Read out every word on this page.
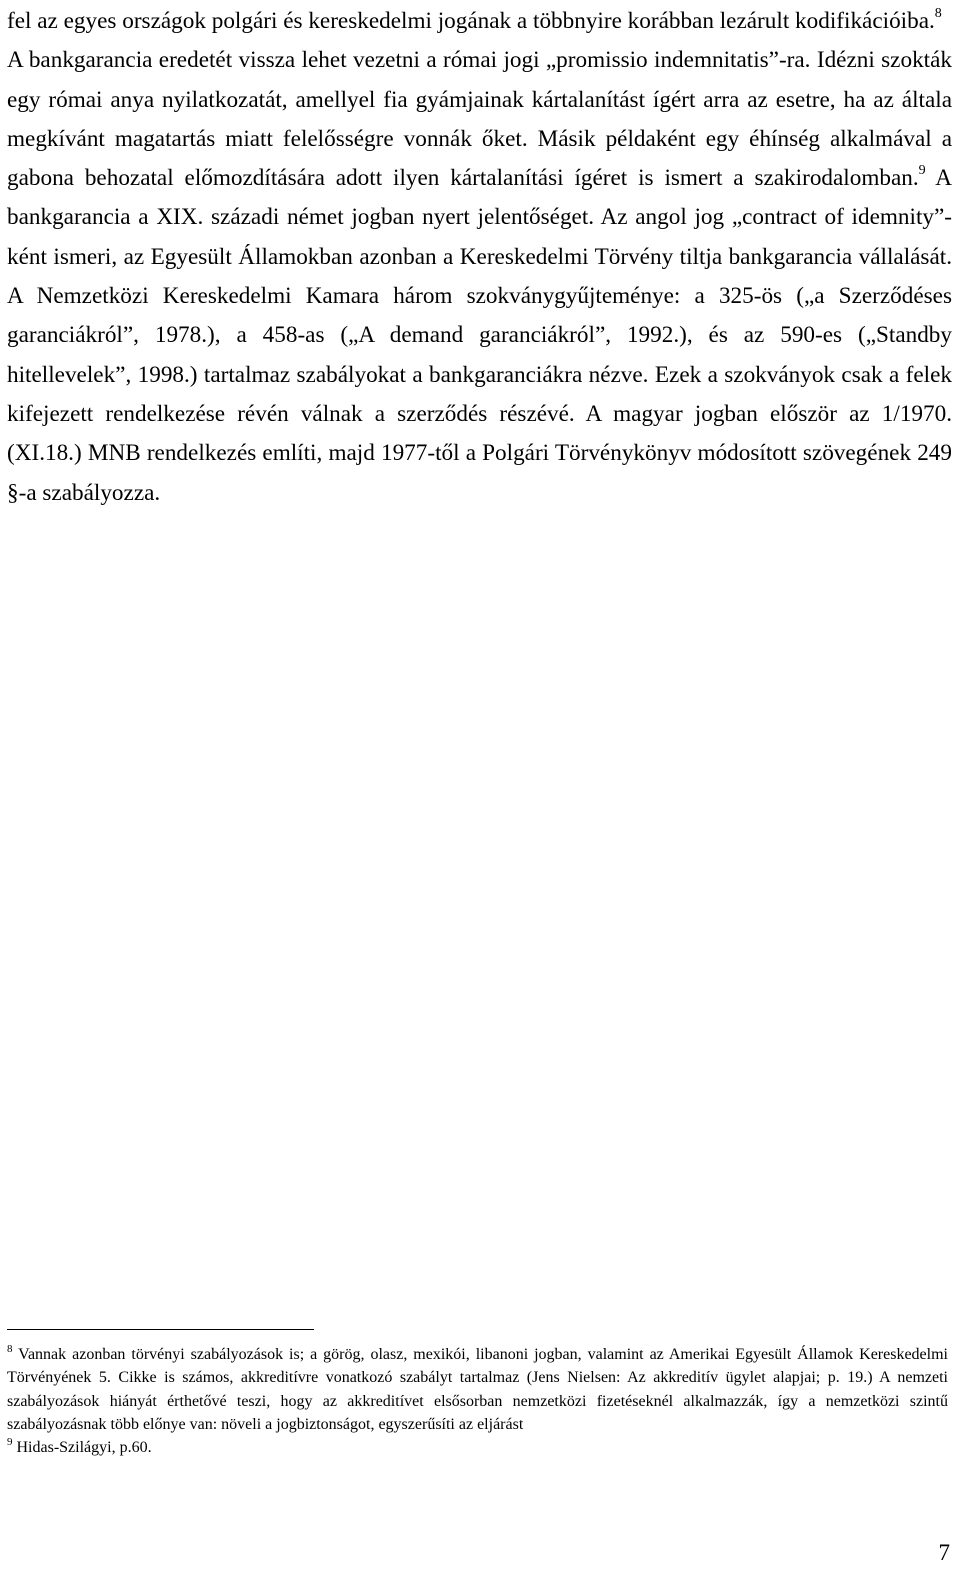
fel az egyes országok polgári és kereskedelmi jogának a többnyire korábban lezárult kodifikációiba.$^8$

A bankgarancia eredetét vissza lehet vezetni a római jogi „promissio indemnitatis”-ra. Idézni szokták egy római anya nyilatkozatát, amellyel fia gyámjainak kártalanítást ígért arra az esetre, ha az általa megkívánt magatartás miatt felelősségre vonnák őket. Másik példaként egy éhínség alkalmával a gabona behozatal előmozdítására adott ilyen kártalanítási ígéret is ismert a szakirodalomban.$^9$ A bankgarancia a XIX. századi német jogban nyert jelentőséget. Az angol jog „contract of idemnity”-ként ismeri, az Egyesült Államokban azonban a Kereskedelmi Törvény tiltja bankgarancia vállalását. A Nemzetközi Kereskedelmi Kamara három szokványgyűjteménye: a 325-ös („a Szerződéses garanciákról”, 1978.), a 458-as („A demand garanciákról”, 1992.), és az 590-es („Standby hitellevelek”, 1998.) tartalmaz szabályokat a bankgaranciákra nézve. Ezek a szokványok csak a felek kifejezett rendelkezése révén válnak a szerződés részévé. A magyar jogban először az 1/1970. (XI.18.) MNB rendelkezés említi, majd 1977-től a Polgári Törvénykönyv módosított szövegének 249 §-a szabályozza.

$^8$ Vannak azonban törvényi szabályozások is; a görög, olasz, mexikói, libanoni jogban, valamint az Amerikai Egyesült Államok Kereskedelmi Törvényének 5. Cikke is számos, akkreditívre vonatkozó szabályt tartalmaz (Jens Nielsen: Az akkreditív ügylet alapjai; p. 19.) A nemzeti szabályozások hiányát érthetővé teszi, hogy az akkreditívet elsősorban nemzetközi fizetéseknél alkalmazzák, így a nemzetközi szintű szabályozásnak több előnye van: növeli a jogbiztonságot, egyszerűsíti az eljárást

$^9$ Hidas-Szilágyi, p.60.

7
